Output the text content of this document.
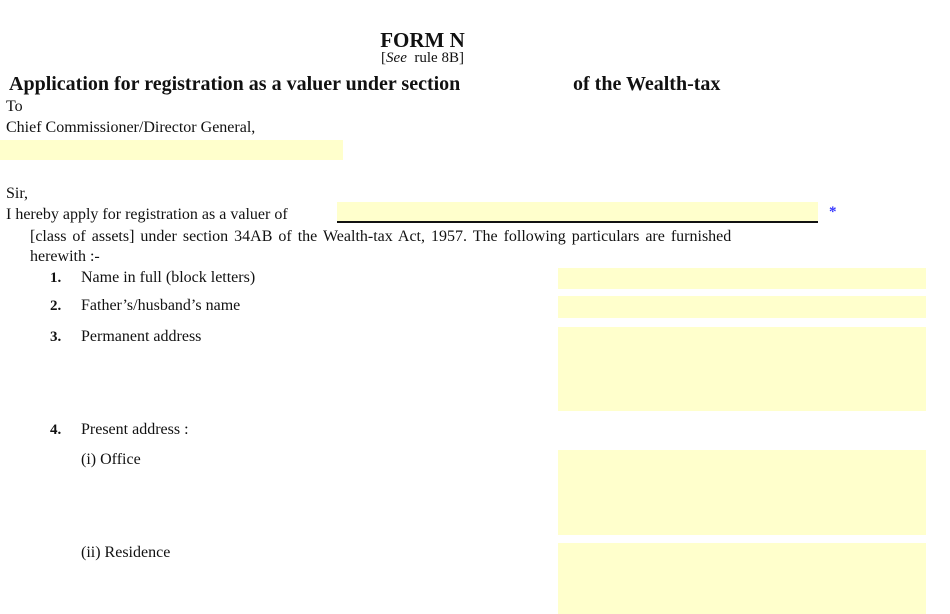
FORM N
[See rule 8B]
Application for registration as a valuer under section	of the Wealth-tax
To
Chief Commissioner/Director General,
Sir,
I hereby apply for registration as a valuer of	*
[class of assets] under section 34AB of the Wealth-tax Act, 1957. The following particulars are furnished
herewith :-
1. Name in full (block letters)
2. Father’s/husband’s name
3. Permanent address
4. Present address :
(i) Office
(ii) Residence
